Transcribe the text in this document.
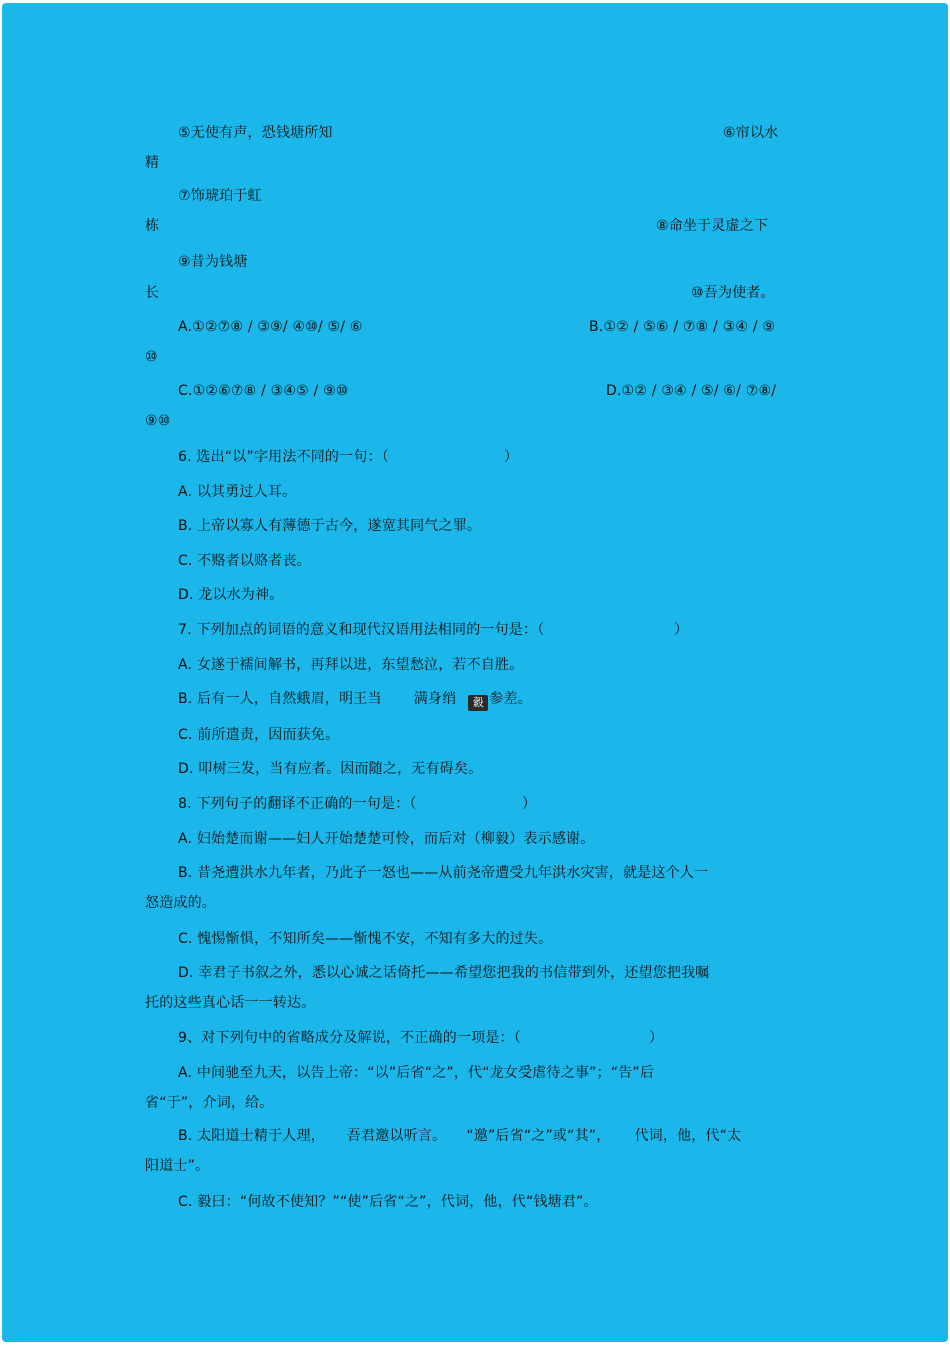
⑤无使有声，恐钱塘所知	⑥帘以水
精
⑦饰琥珀于虹
栋	⑧命坐于灵虚之下
⑨昔为钱塘
长	⑩吾为使者。
A.①②⑦⑧ / ③⑨/ ④⑩/ ⑤/ ⑥	B.①② / ⑤⑥ / ⑦⑧ / ③④ / ⑨
⑩
C.①②⑥⑦⑧ / ③④⑤ / ⑨⑩	D.①② / ③④ / ⑤/ ⑥/ ⑦⑧/
⑨⑩
6. 选出“以”字用法不同的一句：（	）
A. 以其勇过人耳。
B. 上帝以寡人有薄德于古今，遂宽其同气之罪。
C. 不赂者以赂者丧。
D. 龙以水为神。
7. 下列加点的词语的意义和现代汉语用法相同的一句是：（	）
A. 女遂于襦间解书，再拜以进，东望愁泣，若不自胜。
B. 后有一人，自然蛾眉，明王当 满身绡 縠 参差。
C. 前所遣责，因而获免。
D. 叩树三发，当有应者。因而随之，无有碍矣。
8. 下列句子的翻译不正确的一句是：（	）
A. 妇始楚而谢——妇人开始楚楚可怜，而后对（柳毅）表示感谢。
B. 昔尧遭洪水九年者，乃此子一怒也——从前尧帝遭受九年洪水灾害，就是这个人一
怒造成的。
C. 愧惕惭惧，不知所矣——惭愧不安，不知有多大的过失。
D. 幸君子书叙之外，悉以心诚之话倚托——希望您把我的书信带到外，还望您把我嘱
托的这些真心话一一转达。
9、对下列句中的省略成分及解说，不正确的一项是：（	）
A. 中间驰至九天，以告上帝：“以”后省“之”，代“龙女受虐待之事”；“告”后
省“于”，介词，给。
B. 太阳道士精于人理， 吾君邀以听言。 “邀”后省“之”或“其”， 代词，他，代“太
阳道士”。
C. 毅曰：“何故不使知？”“使”后省“之”，代词，他，代“钱塘君”。
